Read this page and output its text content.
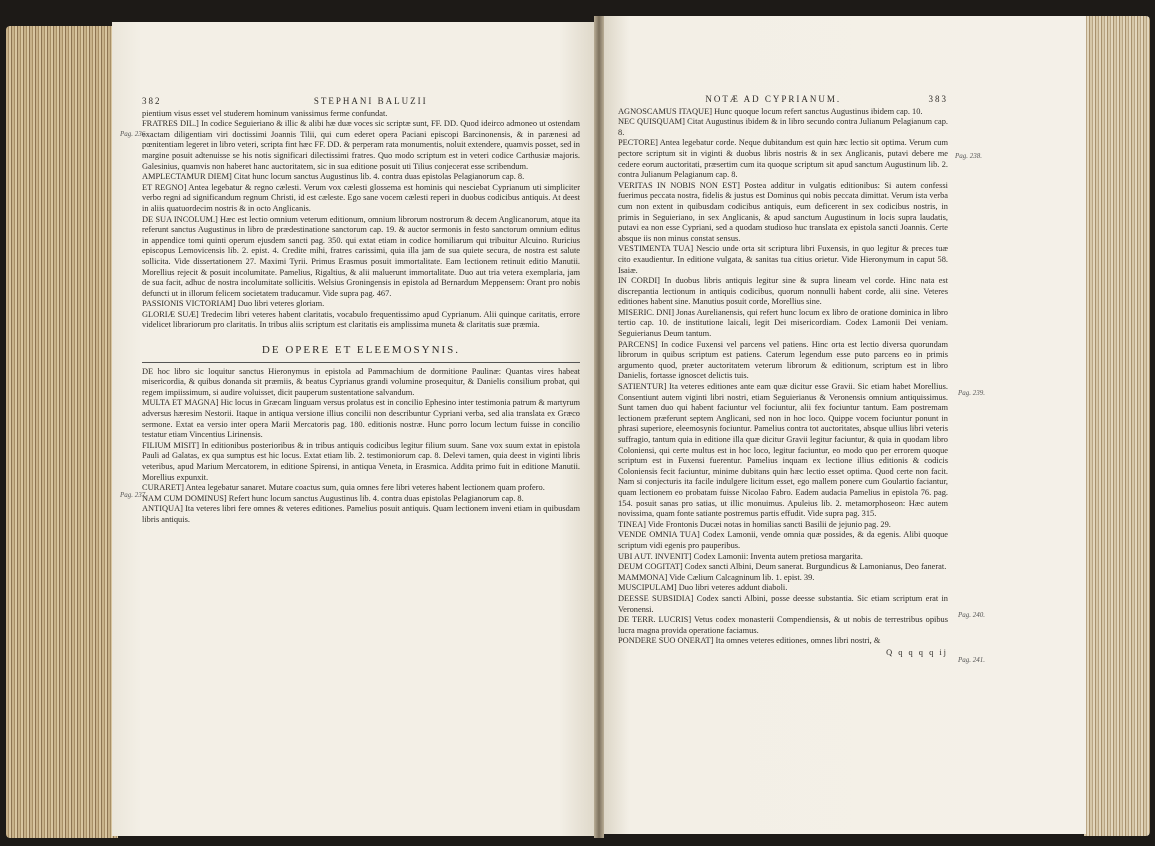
382	STEPHANI BALUZII

pientium visus esset vel studerem hominum vanissimus ferme confundat.

FRATRES DIL.] In codice Seguieriano & illic & alibi hæ duæ voces sic scriptæ sunt, FF. DD. Quod ideirco admoneo ut ostendam exactam diligentiam viri doctissimi Joannis Tilii, qui cum ederet opera Paciani episcopi Barcinonensis, & in parænesi ad pœnitentiam legeret in libro veteri, scripta fint hæc FF. DD. & perperam rata monumentis, noluit extendere, quamvis posset, sed in margine posuit adtenuisse se his notis significari dilectissimi fratres. Quo modo scriptum est in veteri codice Carthusiæ majoris. Galesinius, quamvis non haberet hanc auctoritatem, sic in sua editione posuit uti Tilius conjecerat esse scribendum.

AMPLECTAMUR DIEM] Citat hunc locum sanctus Augustinus lib. 4. contra duas epistolas Pelagianorum cap. 8.

ET REGNO] Antea legebatur & regno cælesti. Verum vox cælesti glossema est hominis qui nesciebat Cyprianum uti simpliciter verbo regni ad significandum regnum Christi, id est cæleste. Ego sane vocem cælesti reperi in duobus codicibus antiquis. At deest in aliis quatuordecim nostris & in octo Anglicanis.

DE SUA INCOLUM.] Hæc est lectio omnium veterum editionum, omnium librorum nostrorum & decem Anglicanorum, atque ita referunt sanctus Augustinus in libro de prædestinatione sanctorum cap. 19. & auctor sermonis in festo sanctorum omnium editus in appendice tomi quinti operum ejusdem sancti pag. 350. qui extat etiam in codice homiliarum qui tribuitur Alcuino. Ruricius episcopus Lemovicensis lib. 2. epist. 4. Credite mihi, fratres carissimi, quia illa jam de sua quiete secura, de nostra est salute sollicita. Vide dissertationem 27. Maximi Tyrii. Primus Erasmus posuit immortalitate. Eam lectionem retinuit editio Manutii. Morellius rejecit & posuit incolumitate. Pamelius, Rigaltius, & alii maluerunt immortalitate. Duo aut tria vetera exemplaria, jam de sua facit, adhuc de nostra incolumitate sollicitis. Welsius Groningensis in epistola ad Bernardum Meppensem: Orant pro nobis defuncti ut in illorum felicem societatem traducamur. Vide supra pag. 467.

PASSIONIS VICTORIAM] Duo libri veteres gloriam.

GLORIÆ SUÆ] Tredecim libri veteres habent claritatis, vocabulo frequentissimo apud Cyprianum. Alii quinque caritatis, errore videlicet librariorum pro claritatis. In tribus aliis scriptum est claritatis eis amplissima muneta & claritatis suæ præmia.

DE OPERE ET ELEEMOSYNIS.

DE hoc libro sic loquitur sanctus Hieronymus in epistola ad Pammachium de dormitione Paulinæ: Quantas vires habeat misericordia, & quibus donanda sit præmiis, & beatus Cyprianus grandi volumine prosequitur, & Danielis consilium probat, qui regem impiissimum, si audire voluisset, dicit pauperum sustentatione salvandum.

MULTA ET MAGNA] Hic locus in Græcam linguam versus prolatus est in concilio Ephesino inter testimonia patrum & martyrum adversus hæresim Nestorii. Itaque in antiqua versione illius concilii non describuntur Cypriani verba, sed alia translata ex Græco sermone. Extat ea versio inter opera Marii Mercatoris pag. 180. editionis nostræ. Hunc porro locum lectum fuisse in concilio testatur etiam Vincentius Lirinensis.

FILIUM MISIT] In editionibus posterioribus & in tribus antiquis codicibus legitur filium suum. Sane vox suum extat in epistola Pauli ad Galatas, ex qua sumptus est hic locus. Extat etiam lib. 2. testimoniorum cap. 8. Delevi tamen, quia deest in viginti libris veteribus, apud Marium Mercatorem, in editione Spirensi, in antiqua Veneta, in Erasmica. Addita primo fuit in editione Manutii. Morellius expunxit.

CURARET] Antea legebatur sanaret. Mutare coactus sum, quia omnes fere libri veteres habent lectionem quam profero.

NAM CUM DOMINUS] Refert hunc locum sanctus Augustinus lib. 4. contra duas epistolas Pelagianorum cap. 8.

ANTIQUA] Ita veteres libri fere omnes & veteres editiones. Pamelius posuit antiquis. Quam lectionem inveni etiam in quibusdam libris antiquis.

Pag. 236.
Pag. 237.
NOTÆ AD CYPRIANUM.	383

AGNOSCAMUS ITAQUE] Hunc quoque locum refert sanctus Augustinus ibidem cap. 10.

NEC QUISQUAM] Citat Augustinus ibidem & in libro secundo contra Julianum Pelagianum cap. 8.

PECTORE] Antea legebatur corde. Neque dubitandum est quin hæc lectio sit optima. Verum cum pectore scriptum sit in viginti & duobus libris nostris & in sex Anglicanis, putavi debere me cedere eorum auctoritati, præsertim cum ita quoque scriptum sit apud sanctum Augustinum lib. 2. contra Julianum Pelagianum cap. 8.

VERITAS IN NOBIS NON EST] Postea additur in vulgatis editionibus: Si autem confessi fuerimus peccata nostra, fidelis & justus est Dominus qui nobis peccata dimittat. Verum ista verba cum non extent in quibusdam codicibus antiquis, eum deficerent in sex codicibus nostris, in primis in Seguieriano, in sex Anglicanis, & apud sanctum Augustinum in locis supra laudatis, putavi ea non esse Cypriani, sed a quodam studioso huc translata ex epistola sancti Joannis. Certe absque iis non minus constat sensus.

VESTIMENTA TUA] Nescio unde orta sit scriptura libri Fuxensis, in quo legitur & preces tuæ cito exaudientur. In editione vulgata, & sanitas tua citius orietur. Vide Hieronymum in caput 58. Isaiæ.

IN CORDI] In duobus libris antiquis legitur sine & supra lineam vel corde. Hinc nata est discrepantia lectionum in antiquis codicibus, quorum nonnulli habent corde, alii sine. Veteres editiones habent sine. Manutius posuit corde, Morellius sine.

MISERIC. DNI] Jonas Aurelianensis, qui refert hunc locum ex libro de oratione dominica in libro tertio cap. 10. de institutione laicali, legit Dei misericordiam. Codex Lamonii Dei veniam. Seguierianus Deum tantum.

PARCENS] In codice Fuxensi vel parcens vel patiens. Hinc orta est lectio diversa quorundam librorum in quibus scriptum est patiens. Caterum legendum esse puto parcens eo in primis argumento quod, præter auctoritatem veterum librorum & editionum, scriptum est in libro Danielis, fortasse ignoscet delictis tuis.

SATIENTUR] Ita veteres editiones ante eam quæ dicitur esse Gravii. Sic etiam habet Morellius. Consentiunt autem viginti libri nostri, etiam Seguierianus & Veronensis omnium antiquissimus. Sunt tamen duo qui habent faciuntur vel fociuntur, alii fex fociuntur tantum. Eam postremam lectionem præferunt septem Anglicani, sed non in hoc loco. Quippe vocem fociuntur ponunt in phrasi superiore, eleemosynis fociuntur. Pamelius contra tot auctoritates, absque ullius libri veteris suffragio, tantum quia in editione illa quæ dicitur Gravii legitur faciuntur, & quia in quodam libro Coloniensi, qui certe multus est in hoc loco, legitur faciuntur, eo modo quo per errorem quoque scriptum est in Fuxensi fuerentur. Pamelius inquam ex lectione illius editionis & codicis Coloniensis fecit faciuntur, minime dubitans quin hæc lectio esset optima. Quod certe non facit. Nam si conjecturis ita facile indulgere licitum esset, ego mallem ponere cum Goulartio faciantur, quam lectionem eo probatam fuisse Nicolao Fabro. Eadem audacia Pamelius in epistola 76. pag. 154. posuit sanas pro satias, ut illic monuimus. Apuleius lib. 2. metamorphoseon: Hæc autem novissima, quam fonte satiante postremus partis effudit. Vide supra pag. 315.

TINEA] Vide Frontonis Ducæi notas in homilias sancti Basilii de jejunio pag. 29.

VENDE OMNIA TUA] Codex Lamonii, vende omnia quæ possides, & da egenis. Alibi quoque scriptum vidi egenis pro pauperibus.

UBI AUT. INVENIT] Codex Lamonii: Inventa autem pretiosa margarita.

DEUM COGITAT] Codex sancti Albini, Deum sanerat. Burgundicus & Lamonianus, Deo fanerat.

MAMMONA] Vide Cælium Calcagninum lib. 1. epist. 39.

MUSCIPULAM] Duo libri veteres addunt diaboli.

DEESSE SUBSIDIA] Codex sancti Albini, posse deesse substantia. Sic etiam scriptum erat in Veronensi.

DE TERR. LUCRIS] Vetus codex monasterii Compendiensis, & ut nobis de terrestribus opibus lucra magna provida operatione faciamus.

PONDERE SUO ONERAT] Ita omnes veteres editiones, omnes libri nostri, &

Q q q q q ij
Pag. 238.
Pag. 239.
Pag. 240.
Pag. 241.
